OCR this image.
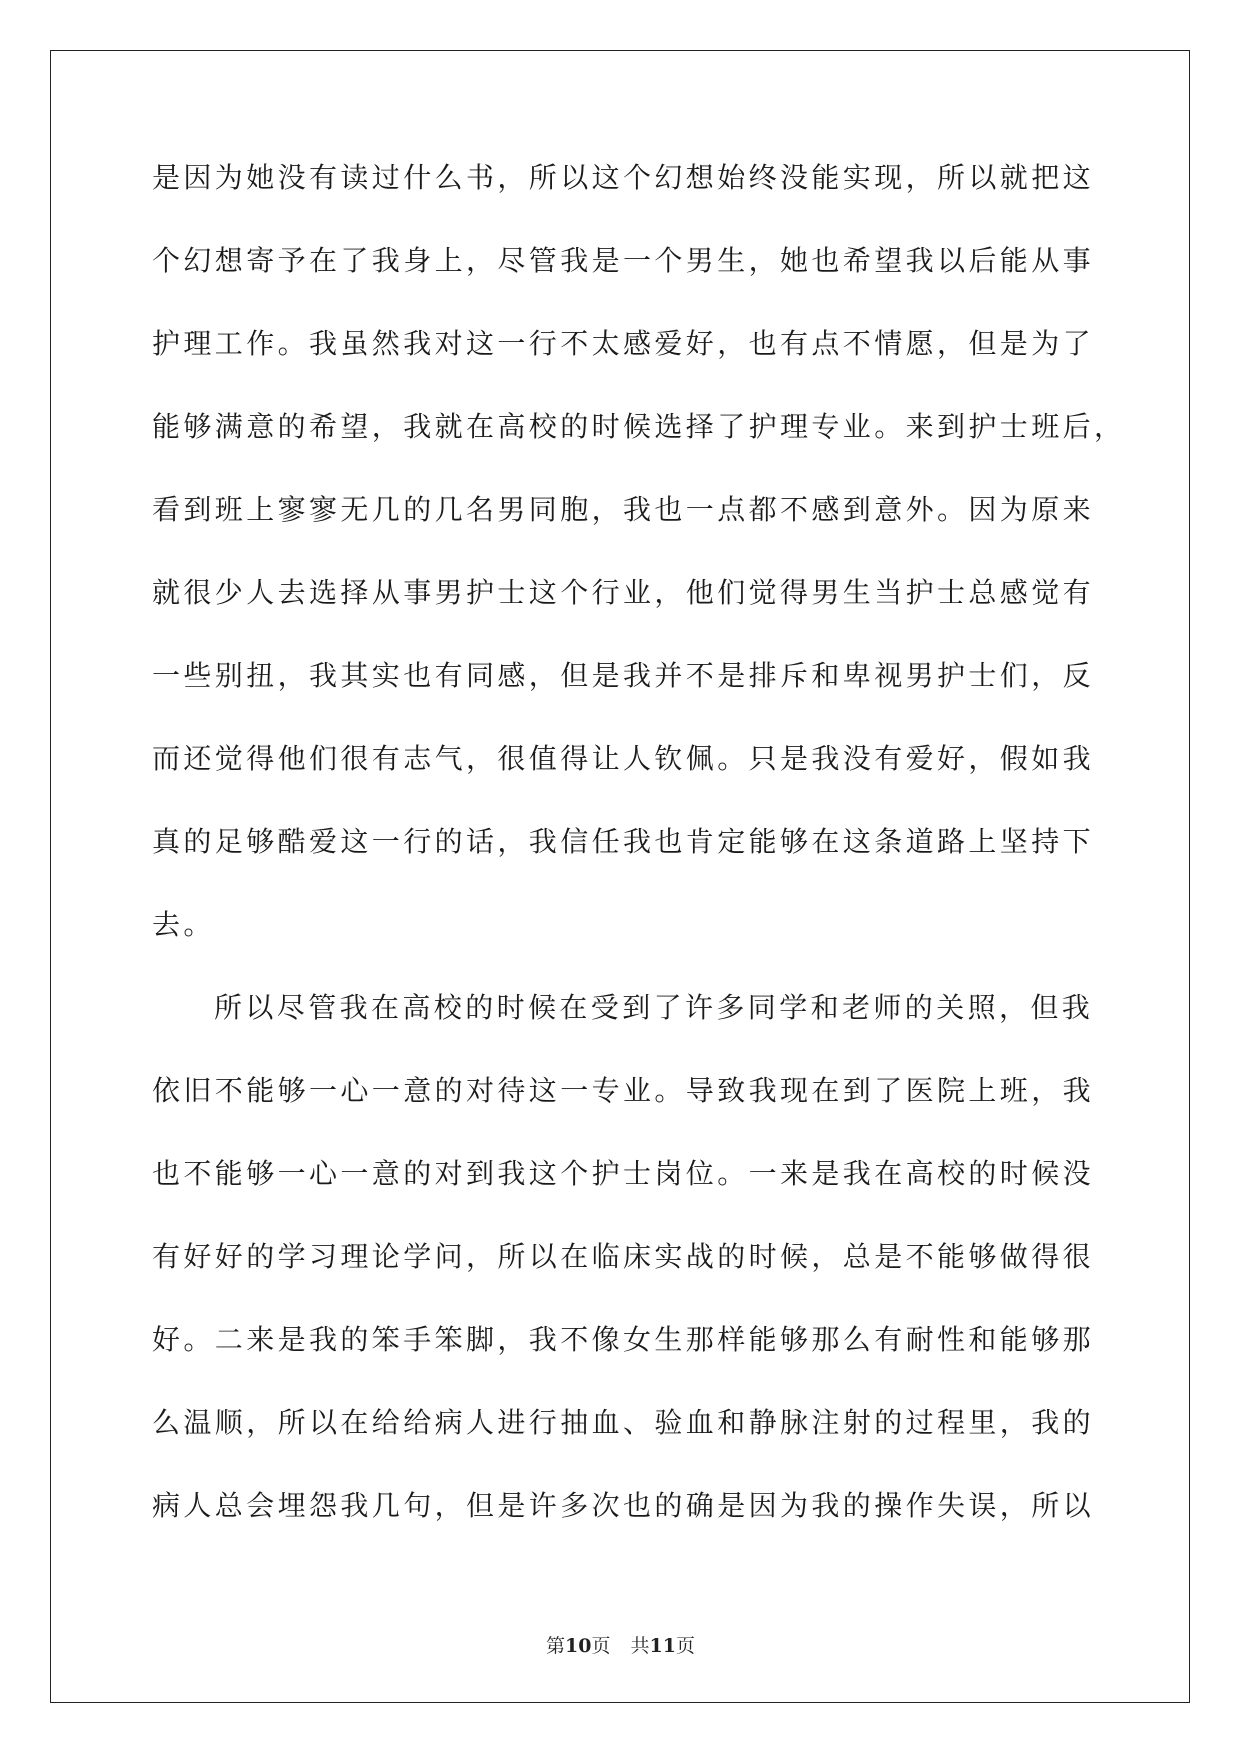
是因为她没有读过什么书，所以这个幻想始终没能实现，所以就把这
个幻想寄予在了我身上，尽管我是一个男生，她也希望我以后能从事
护理工作。我虽然我对这一行不太感爱好，也有点不情愿，但是为了
能够满意的希望，我就在高校的时候选择了护理专业。来到护士班后，
看到班上寥寥无几的几名男同胞，我也一点都不感到意外。因为原来
就很少人去选择从事男护士这个行业，他们觉得男生当护士总感觉有
一些别扭，我其实也有同感，但是我并不是排斥和卑视男护士们，反
而还觉得他们很有志气，很值得让人钦佩。只是我没有爱好，假如我
真的足够酷爱这一行的话，我信任我也肯定能够在这条道路上坚持下
去。
所以尽管我在高校的时候在受到了许多同学和老师的关照，但我
依旧不能够一心一意的对待这一专业。导致我现在到了医院上班，我
也不能够一心一意的对到我这个护士岗位。一来是我在高校的时候没
有好好的学习理论学问，所以在临床实战的时候，总是不能够做得很
好。二来是我的笨手笨脚，我不像女生那样能够那么有耐性和能够那
么温顺，所以在给给病人进行抽血、验血和静脉注射的过程里，我的
病人总会埋怨我几句，但是许多次也的确是因为我的操作失误，所以
第10页 共11页
